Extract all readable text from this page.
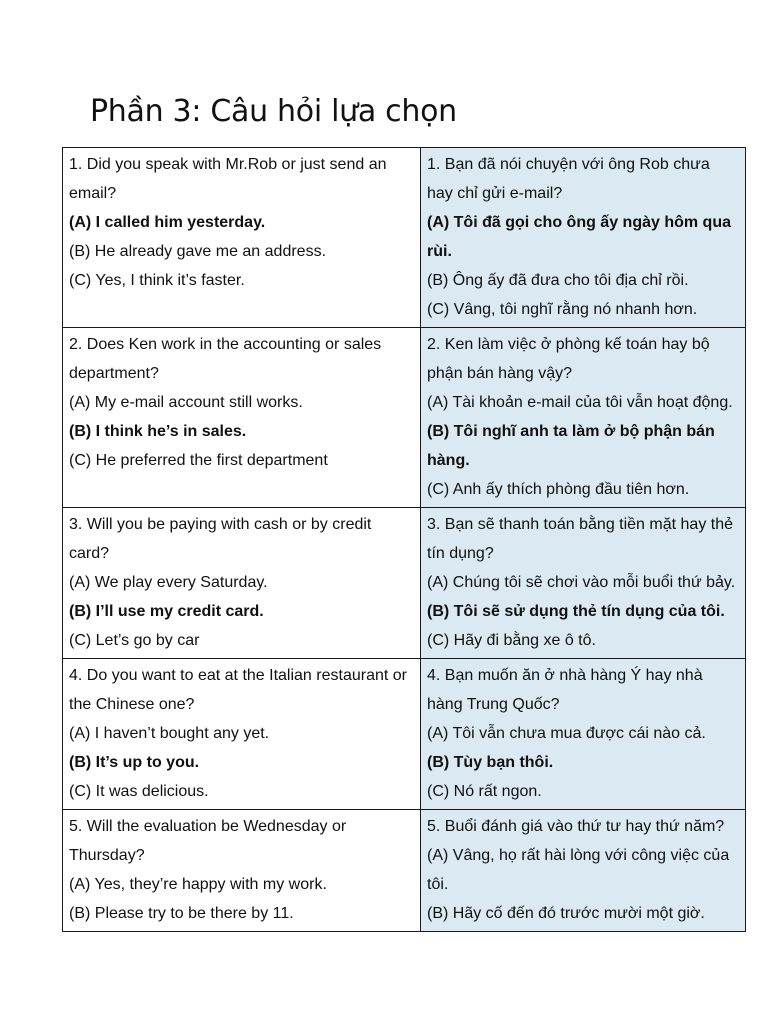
Phần 3: Câu hỏi lựa chọn
1. Did you speak with Mr.Rob or just send an email?
(A) I called him yesterday.
(B) He already gave me an address.
(C) Yes, I think it’s faster.	1. Bạn đã nói chuyện với ông Rob chưa hay chỉ gửi e-mail?
(A) Tôi đã gọi cho ông ấy ngày hôm qua rùi.
(B) Ông ấy đã đưa cho tôi địa chỉ rồi.
(C) Vâng, tôi nghĩ rằng nó nhanh hơn.

2. Does Ken work in the accounting or sales department?
(A) My e-mail account still works.
(B) I think he’s in sales.
(C) He preferred the first department	2. Ken làm việc ở phòng kế toán hay bộ phận bán hàng vậy?
(A) Tài khoản e-mail của tôi vẫn hoạt động.
(B) Tôi nghĩ anh ta làm ở bộ phận bán hàng.
(C) Anh ấy thích phòng đầu tiên hơn.

3. Will you be paying with cash or by credit card?
(A) We play every Saturday.
(B) I’ll use my credit card.
(C) Let’s go by car	3. Bạn sẽ thanh toán bằng tiền mặt hay thẻ tín dụng?
(A) Chúng tôi sẽ chơi vào mỗi buổi thứ bảy.
(B) Tôi sẽ sử dụng thẻ tín dụng của tôi.
(C) Hãy đi bằng xe ô tô.

4. Do you want to eat at the Italian restaurant or the Chinese one?
(A) I haven’t bought any yet.
(B) It’s up to you.
(C) It was delicious.	4. Bạn muốn ăn ở nhà hàng Ý hay nhà hàng Trung Quốc?
(A) Tôi vẫn chưa mua được cái nào cả.
(B) Tùy bạn thôi.
(C) Nó rất ngon.

5. Will the evaluation be Wednesday or Thursday?
(A) Yes, they’re happy with my work.
(B) Please try to be there by 11.	5. Buổi đánh giá vào thứ tư hay thứ năm?
(A) Vâng, họ rất hài lòng với công việc của tôi.
(B) Hãy cố đến đó trước mười một giờ.
